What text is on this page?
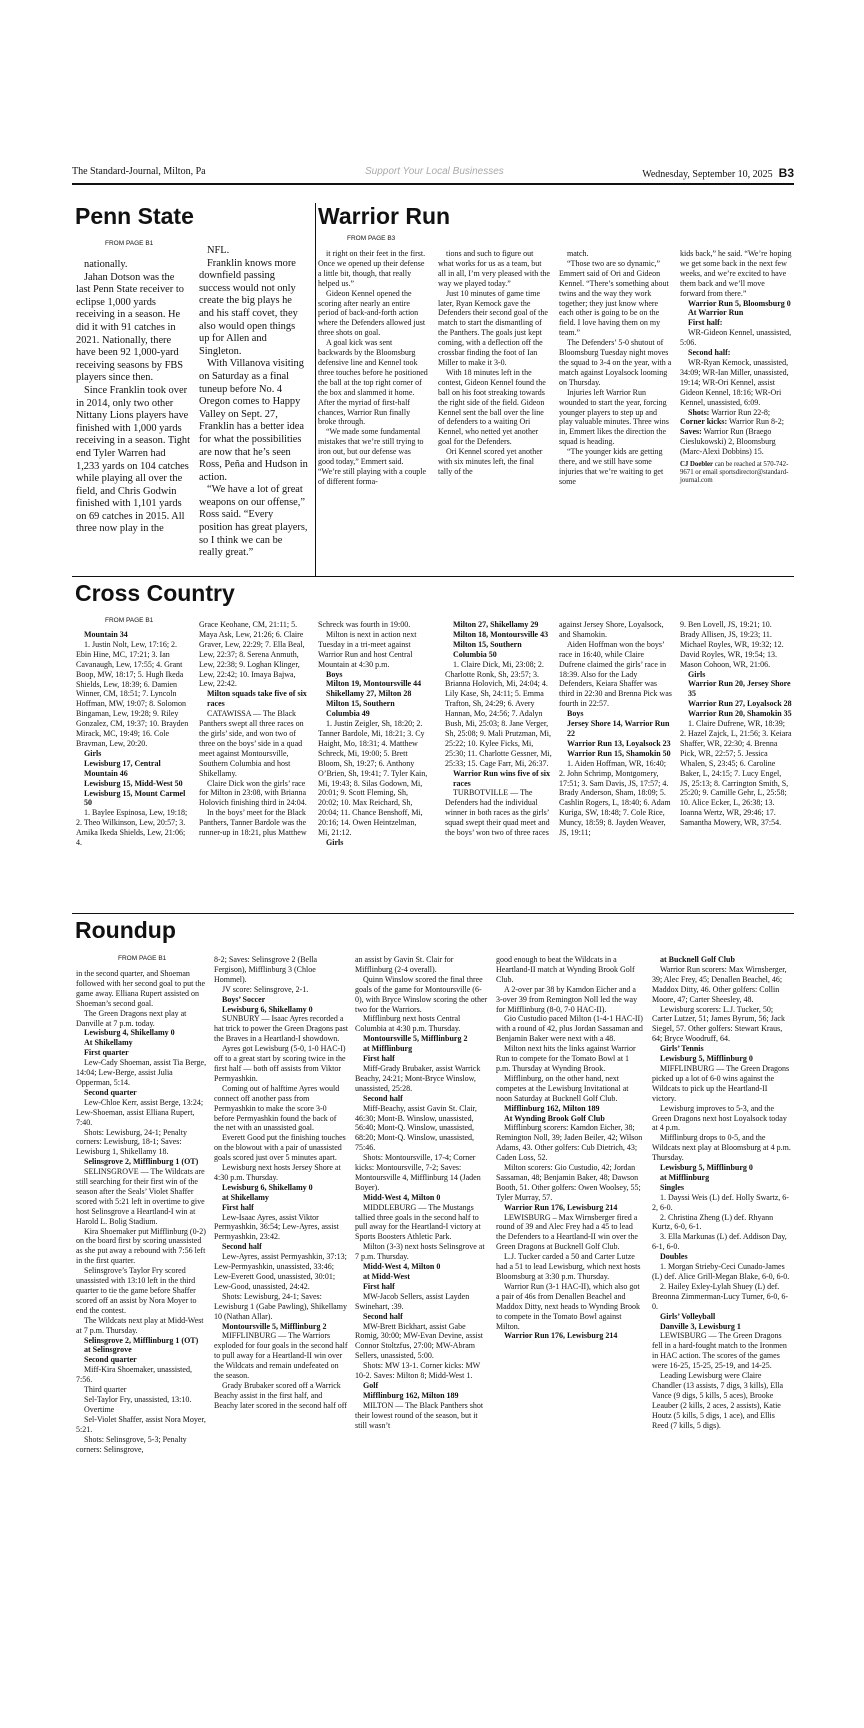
The Standard-Journal, Milton, Pa	Support Your Local Businesses	Wednesday, September 10, 2025 B3
Penn State
FROM PAGE B1

nationally.

Jahan Dotson was the last Penn State receiver to eclipse 1,000 yards receiving in a season. He did it with 91 catches in 2021. Nationally, there have been 92 1,000-yard receiving seasons by FBS players since then.

Since Franklin took over in 2014, only two other Nittany Lions players have finished with 1,000 yards receiving in a season. Tight end Tyler Warren had 1,233 yards on 104 catches while playing all over the field, and Chris Godwin finished with 1,101 yards on 69 catches in 2015. All three now play in the

NFL.

Franklin knows more downfield passing success would not only create the big plays he and his staff covet, they also would open things up for Allen and Singleton.

With Villanova visiting on Saturday as a final tuneup before No. 4 Oregon comes to Happy Valley on Sept. 27, Franklin has a better idea for what the possibilities are now that he’s seen Ross, Peña and Hudson in action.

“We have a lot of great weapons on our offense,” Ross said. “Every position has great players, so I think we can be really great.”

Warrior Run
FROM PAGE B3

it right on their feet in the first. Once we opened up their defense a little bit, though, that really helped us.”

Gideon Kennel opened the scoring after nearly an entire period of back-and-forth action where the Defenders allowed just three shots on goal.

A goal kick was sent backwards by the Bloomsburg defensive line and Kennel took three touches before he positioned the ball at the top right corner of the box and slammed it home. After the myriad of first-half chances, Warrior Run finally broke through.

“We made some fundamental mistakes that we’re still trying to iron out, but our defense was good today,” Emmert said. “We’re still playing with a couple of different forma-

tions and such to figure out what works for us as a team, but all in all, I’m very pleased with the way we played today.”

Just 10 minutes of game time later, Ryan Kemock gave the Defenders their second goal of the match to start the dismantling of the Panthers. The goals just kept coming, with a deflection off the crossbar finding the foot of Ian Miller to make it 3-0.

With 18 minutes left in the contest, Gideon Kennel found the ball on his foot streaking towards the right side of the field. Gideon Kennel sent the ball over the line of defenders to a waiting Ori Kennel, who netted yet another goal for the Defenders.

Ori Kennel scored yet another with six minutes left, the final tally of the

match.

“Those two are so dynamic,” Emmert said of Ori and Gideon Kennel. “There’s something about twins and the way they work together; they just know where each other is going to be on the field. I love having them on my team.”

The Defenders’ 5-0 shutout of Bloomsburg Tuesday night moves the squad to 3-4 on the year, with a match against Loyalsock looming on Thursday.

Injuries left Warrior Run wounded to start the year, forcing younger players to step up and play valuable minutes. Three wins in, Emmert likes the direction the squad is heading.

“The younger kids are getting there, and we still have some injuries that we’re waiting to get some

kids back,” he said. “We’re hoping we get some back in the next few weeks, and we’re excited to have them back and we’ll move forward from there.”

Warrior Run 5, Bloomsburg 0

At Warrior Run

First half:

WR-Gideon Kennel, unassisted, 5:06.

Second half:

WR-Ryan Kemock, unassisted, 34:09; WR-Ian Miller, unassisted, 19:14; WR-Ori Kennel, assist Gideon Kennel, 18:16; WR-Ori Kennel, unassisted, 6:09.

Shots: Warrior Run 22-8; Corner kicks: Warrior Run 8-2; Saves: Warrior Run (Braego Cieslukowski) 2, Bloomsburg (Marc-Alexi Dobbins) 15.

CJ Doebler can be reached at 570-742-9671 or email sportsdirector@standard-journal.com

Cross Country
FROM PAGE B1

Mountain 34

1. Justin Nolt, Lew, 17:16; 2. Ebin Hine, MC, 17:21; 3. Ian Cavanaugh, Lew, 17:55; 4. Grant Boop, MW, 18:17; 5. Hugh Ikeda Shields, Lew, 18:39; 6. Damien Winner, CM, 18:51; 7. Lyncoln Hoffman, MW, 19:07; 8. Solomon Bingaman, Lew, 19:28; 9. Riley Gonzalez, CM, 19:37; 10. Brayden Mirack, MC, 19:49; 16. Cole Bravman, Lew, 20:20.

Girls

Lewisburg 17, Central Mountain 46

Lewisburg 15, Midd-West 50

Lewisburg 15, Mount Carmel 50

1. Baylee Espinosa, Lew, 19:18; 2. Theo Wilkinson, Lew, 20:57; 3. Amika Ikeda Shields, Lew, 21:06; 4.

Grace Keohane, CM, 21:11; 5. Maya Ask, Lew, 21:26; 6. Claire Graver, Lew, 22:29; 7. Ella Beal, Lew, 22:37; 8. Serena Anmuth, Lew, 22:38; 9. Loghan Klinger, Lew, 22:42; 10. Imaya Bajwa, Lew, 22:42.

Milton squads take five of six races

CATAWISSA — The Black Panthers swept all three races on the girls’ side, and won two of three on the boys’ side in a quad meet against Montoursville, Southern Columbia and host Shikellamy.

Claire Dick won the girls’ race for Milton in 23:08, with Brianna Holovich finishing third in 24:04.

In the boys’ meet for the Black Panthers, Tanner Bardole was the runner-up in 18:21, plus Matthew

Schreck was fourth in 19:00.

Milton is next in action next Tuesday in a tri-meet against Warrior Run and host Central Mountain at 4:30 p.m.

Boys

Milton 19, Montoursville 44

Shikellamy 27, Milton 28

Milton 15, Southern Columbia 49

1. Justin Zeigler, Sh, 18:20; 2. Tanner Bardole, Mi, 18:21; 3. Cy Haight, Mo, 18:31; 4. Matthew Schreck, Mi, 19:00; 5. Brett Bloom, Sh, 19:27; 6. Anthony O’Brien, Sh, 19:41; 7. Tyler Kain, Mi, 19:43; 8. Silas Godown, Mi, 20:01; 9. Scott Fleming, Sh, 20:02; 10. Max Reichard, Sh, 20:04; 11. Chance Benshoff, Mi, 20:16; 14. Owen Heintzelman, Mi, 21:12.

Girls

Milton 27, Shikellamy 29

Milton 18, Montoursville 43

Milton 15, Southern Columbia 50

1. Claire Dick, Mi, 23:08; 2. Charlotte Ronk, Sh, 23:57; 3. Brianna Holovich, Mi, 24:04; 4. Lily Kase, Sh, 24:11; 5. Emma Trafton, Sh, 24:29; 6. Avery Hannan, Mo, 24:56; 7. Adalyn Bush, Mi, 25:03; 8. Jane Verger, Sh, 25:08; 9. Mali Prutzman, Mi, 25:22; 10. Kylee Ficks, Mi, 25:30; 11. Charlotte Gessner, Mi, 25:33; 15. Cage Farr, Mi, 26:37.

Warrior Run wins five of six races

TURBOTVILLE — The Defenders had the individual winner in both races as the girls’ squad swept their quad meet and the boys’ won two of three races

against Jersey Shore, Loyalsock, and Shamokin.

Aiden Hoffman won the boys’ race in 16:40, while Claire Dufrene claimed the girls’ race in 18:39. Also for the Lady Defenders, Keiara Shaffer was third in 22:30 and Brenna Pick was fourth in 22:57.

Boys

Jersey Shore 14, Warrior Run 22

Warrior Run 13, Loyalsock 23

Warrior Run 15, Shamokin 50

1. Aiden Hoffman, WR, 16:40; 2. John Schrimp, Montgomery, 17:51; 3. Sam Davis, JS, 17:57; 4. Brady Anderson, Sham, 18:09; 5. Cashlin Rogers, L, 18:40; 6. Adam Kuriga, SW, 18:48; 7. Cole Rice, Muncy, 18:59; 8. Jayden Weaver, JS, 19:11;

9. Ben Lovell, JS, 19:21; 10. Brady Allisen, JS, 19:23; 11. Michael Royles, WR, 19:32; 12. David Royles, WR, 19:54; 13. Mason Cohoon, WR, 21:06.

Girls

Warrior Run 20, Jersey Shore 35

Warrior Run 27, Loyalsock 28

Warrior Run 20, Shamokin 35

1. Claire Dufrene, WR, 18:39; 2. Hazel Zajck, L, 21:56; 3. Keiara Shaffer, WR, 22:30; 4. Brenna Pick, WR, 22:57; 5. Jessica Whalen, S, 23:45; 6. Caroline Baker, L, 24:15; 7. Lucy Engel, JS, 25:13; 8. Carrington Smith, S, 25:20; 9. Camille Gehr, L, 25:58; 10. Alice Ecker, L, 26:38; 13. Ioanna Wertz, WR, 29:46; 17. Samantha Mowery, WR, 37:54.

Roundup
FROM PAGE B1

in the second quarter, and Shoeman followed with her second goal to put the game away. Elliana Rupert assisted on Shoeman’s second goal.

The Green Dragons next play at Danville at 7 p.m. today.

Lewisburg 4, Shikellamy 0

At Shikellamy

First quarter

Lew-Cady Shoeman, assist Tia Berge, 14:04; Lew-Berge, assist Julia Opperman, 5:14.

Second quarter

Lew-Chloe Kerr, assist Berge, 13:24; Lew-Shoeman, assist Elliana Rupert, 7:40.

Shots: Lewisburg, 24-1; Penalty corners: Lewisburg, 18-1; Saves: Lewisburg 1, Shikellamy 18.

Selinsgrove 2, Mifflinburg 1 (OT)

SELINSGROVE — The Wildcats are still searching for their first win of the season after the Seals’ Violet Shaffer scored with 5:21 left in overtime to give host Selinsgrove a Heartland-I win at Harold L. Bolig Stadium.

Kira Shoemaker put Mifflinburg (0-2) on the board first by scoring unassisted as she put away a rebound with 7:56 left in the first quarter.

Selinsgrove’s Taylor Fry scored unassisted with 13:10 left in the third quarter to tie the game before Shaffer scored off an assist by Nora Moyer to end the contest.

The Wildcats next play at Midd-West at 7 p.m. Thursday.

Selinsgrove 2, Mifflinburg 1 (OT)

at Selinsgrove

Second quarter

Miff-Kira Shoemaker, unassisted, 7:56.

Third quarter

Sel-Taylor Fry, unassisted, 13:10.

Overtime

Sel-Violet Shaffer, assist Nora Moyer, 5:21.

Shots: Selinsgrove, 5-3; Penalty corners: Selinsgrove,

8-2; Saves: Selinsgrove 2 (Bella Fergison), Mifflinburg 3 (Chloe Hommel).

JV score: Selinsgrove, 2-1.

Boys’ Soccer

Lewisburg 6, Shikellamy 0

SUNBURY — Isaac Ayres recorded a hat trick to power the Green Dragons past the Braves in a Heartland-I showdown.

Ayres got Lewisburg (5-0, 1-0 HAC-I) off to a great start by scoring twice in the first half — both off assists from Viktor Permyashkin.

Coming out of halftime Ayres would connect off another pass from Permyashkin to make the score 3-0 before Permyashkin found the back of the net with an unassisted goal.

Everett Good put the finishing touches on the blowout with a pair of unassisted goals scored just over 5 minutes apart.

Lewisburg next hosts Jersey Shore at 4:30 p.m. Thursday.

Lewisburg 6, Shikellamy 0

at Shikellamy

First half

Lew-Isaac Ayres, assist Viktor Permyashkin, 36:54; Lew-Ayres, assist Permyashkin, 23:42.

Second half

Lew-Ayres, assist Permyashkin, 37:13; Lew-Permyashkin, unassisted, 33:46; Lew-Everett Good, unassisted, 30:01; Lew-Good, unassisted, 24:42.

Shots: Lewisburg, 24-1; Saves: Lewisburg 1 (Gabe Pawling), Shikellamy 10 (Nathan Allar).

Montoursville 5, Mifflinburg 2

MIFFLINBURG — The Warriors exploded for four goals in the second half to pull away for a Heartland-II win over the Wildcats and remain undefeated on the season.

Grady Brubaker scored off a Warrick Beachy assist in the first half, and Beachy later scored in the second half off

an assist by Gavin St. Clair for Mifflinburg (2-4 overall).

Quinn Winslow scored the final three goals of the game for Montoursville (6-0), with Bryce Winslow scoring the other two for the Warriors.

Mifflinburg next hosts Central Columbia at 4:30 p.m. Thursday.

Montoursville 5, Mifflinburg 2

at Mifflinburg

First half

Miff-Grady Brubaker, assist Warrick Beachy, 24:21; Mont-Bryce Winslow, unassisted, 25:28.

Second half

Miff-Beachy, assist Gavin St. Clair, 46:30; Mont-B. Winslow, unassisted, 56:40; Mont-Q. Winslow, unassisted, 68:20; Mont-Q. Winslow, unassisted, 75:46.

Shots: Montoursville, 17-4; Corner kicks: Montoursville, 7-2; Saves: Montoursville 4, Mifflinburg 14 (Jaden Boyer).

Midd-West 4, Milton 0

MIDDLEBURG — The Mustangs tallied three goals in the second half to pull away for the Heartland-I victory at Sports Boosters Athletic Park.

Milton (3-3) next hosts Selinsgrove at 7 p.m. Thursday.

Midd-West 4, Milton 0

at Midd-West

First half

MW-Jacob Sellers, assist Layden Swinehart, :39.

Second half

MW-Brett Bickhart, assist Gabe Romig, 30:00; MW-Evan Devine, assist Connor Stoltzfus, 27:00; MW-Abram Sellers, unassisted, 5:00.

Shots: MW 13-1. Corner kicks: MW 10-2. Saves: Milton 8; Midd-West 1.

Golf

Mifflinburg 162, Milton 189

MILTON — The Black Panthers shot their lowest round of the season, but it still wasn’t

good enough to beat the Wildcats in a Heartland-II match at Wynding Brook Golf Club.

A 2-over par 38 by Kamdon Eicher and a 3-over 39 from Remington Noll led the way for Mifflinburg (8-0, 7-0 HAC-II).

Gio Custudio paced Milton (1-4-1 HAC-II) with a round of 42, plus Jordan Sassaman and Benjamin Baker were next with a 48.

Milton next hits the links against Warrior Run to compete for the Tomato Bowl at 1 p.m. Thursday at Wynding Brook.

Mifflinburg, on the other hand, next competes at the Lewisburg Invitational at noon Saturday at Bucknell Golf Club.

Mifflinburg 162, Milton 189

At Wynding Brook Golf Club

Mifflinburg scorers: Kamdon Eicher, 38; Remington Noll, 39; Jaden Beiler, 42; Wilson Adams, 43. Other golfers: Cub Dietrich, 43; Caden Loss, 52.

Milton scorers: Gio Custudio, 42; Jordan Sassaman, 48; Benjamin Baker, 48; Dawson Booth, 51. Other golfers: Owen Woolsey, 55; Tyler Murray, 57.

Warrior Run 176, Lewisburg 214

LEWISBURG – Max Wirnsberger fired a round of 39 and Alec Frey had a 45 to lead the Defenders to a Heartland-II win over the Green Dragons at Bucknell Golf Club.

L.J. Tucker carded a 50 and Carter Lutze had a 51 to lead Lewisburg, which next hosts Bloomsburg at 3:30 p.m. Thursday.

Warrior Run (3-1 HAC-II), which also got a pair of 46s from Denallen Beachel and Maddox Ditty, next heads to Wynding Brook to compete in the Tomato Bowl against Milton.

Warrior Run 176, Lewisburg 214

at Bucknell Golf Club

Warrior Run scorers: Max Wirnsberger, 39; Alec Frey, 45; Denallen Beachel, 46; Maddox Ditty, 46. Other golfers: Collin Moore, 47; Carter Sheesley, 48.

Lewisburg scorers: L.J. Tucker, 50; Carter Lutzer, 51; James Byrum, 56; Jack Siegel, 57. Other golfers: Stewart Kraus, 64; Bryce Woodruff, 64.

Girls’ Tennis

Lewisburg 5, Mifflinburg 0

MIFFLINBURG — The Green Dragons picked up a lot of 6-0 wins against the Wildcats to pick up the Heartland-II victory.

Lewisburg improves to 5-3, and the Green Dragons next host Loyalsock today at 4 p.m.

Mifflinburg drops to 0-5, and the Wildcats next play at Bloomsburg at 4 p.m. Thursday.

Lewisburg 5, Mifflinburg 0

at Mifflinburg

Singles

1. Dayssi Weis (L) def. Holly Swartz, 6-2, 6-0.

2. Christina Zheng (L) def. Rhyann Kurtz, 6-0, 6-1.

3. Ella Markunas (L) def. Addison Day, 6-1, 6-0.

Doubles

1. Morgan Strieby-Ceci Cunado-James (L) def. Alice Grill-Megan Blake, 6-0, 6-0.

2. Hailey Exley-Lylah Shuey (L) def. Breonna Zimmerman-Lucy Turner, 6-0, 6-0.

Girls’ Volleyball

Danville 3, Lewisburg 1

LEWISBURG — The Green Dragons fell in a hard-fought match to the Ironmen in HAC action. The scores of the games were 16-25, 15-25, 25-19, and 14-25.

Leading Lewisburg were Claire Chandler (13 assists, 7 digs, 3 kills), Ella Vance (9 digs, 5 kills, 5 aces), Brooke Leauber (2 kills, 2 aces, 2 assists), Katie Houtz (5 kills, 5 digs, 1 ace), and Ellis Reed (7 kills, 5 digs).
